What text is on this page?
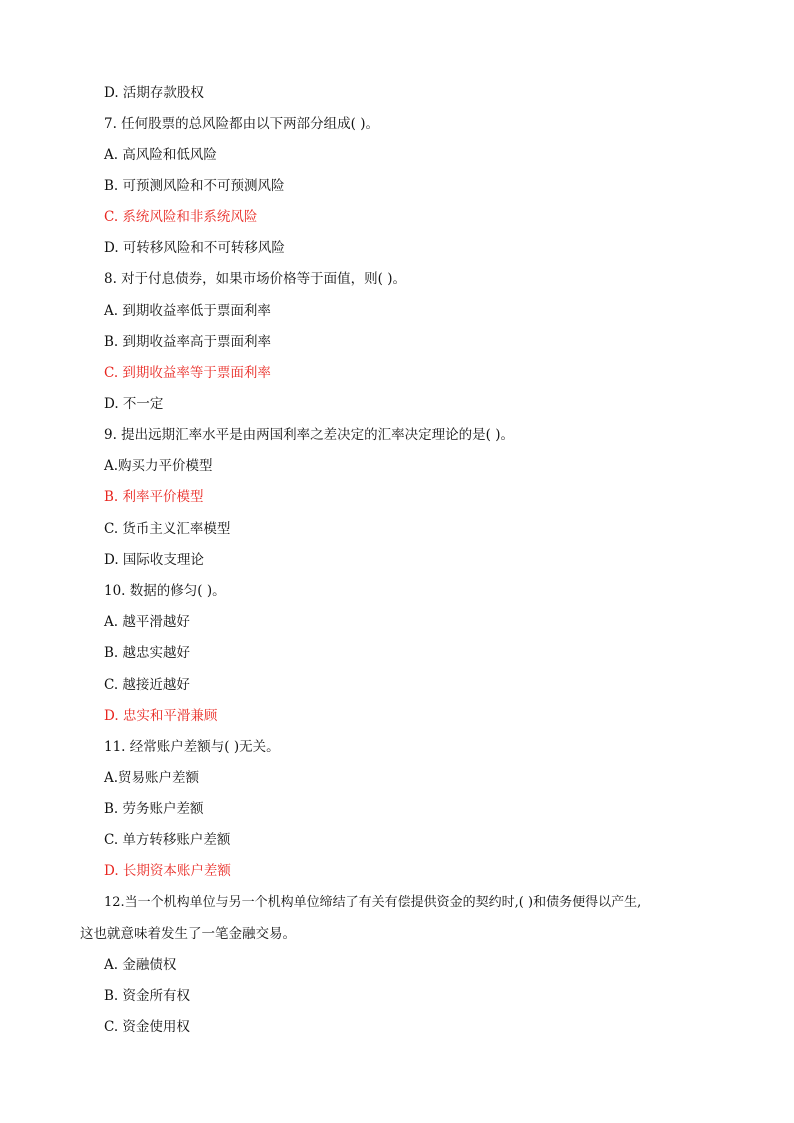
D. 活期存款股权
7. 任何股票的总风险都由以下两部分组成( )。
A. 高风险和低风险
B. 可预测风险和不可预测风险
C. 系统风险和非系统风险
D. 可转移风险和不可转移风险
8. 对于付息债券，如果市场价格等于面值，则( )。
A. 到期收益率低于票面利率
B. 到期收益率高于票面利率
C. 到期收益率等于票面利率
D. 不一定
9. 提出远期汇率水平是由两国利率之差决定的汇率决定理论的是( )。
A.购买力平价模型
B. 利率平价模型
C. 货币主义汇率模型
D. 国际收支理论
10. 数据的修匀( )。
A. 越平滑越好
B. 越忠实越好
C. 越接近越好
D. 忠实和平滑兼顾
11. 经常账户差额与( )无关。
A.贸易账户差额
B. 劳务账户差额
C. 单方转移账户差额
D. 长期资本账户差额
12.当一个机构单位与另一个机构单位缔结了有关有偿提供资金的契约时,( )和债务便得以产生,
这也就意味着发生了一笔金融交易。
A. 金融债权
B. 资金所有权
C. 资金使用权
